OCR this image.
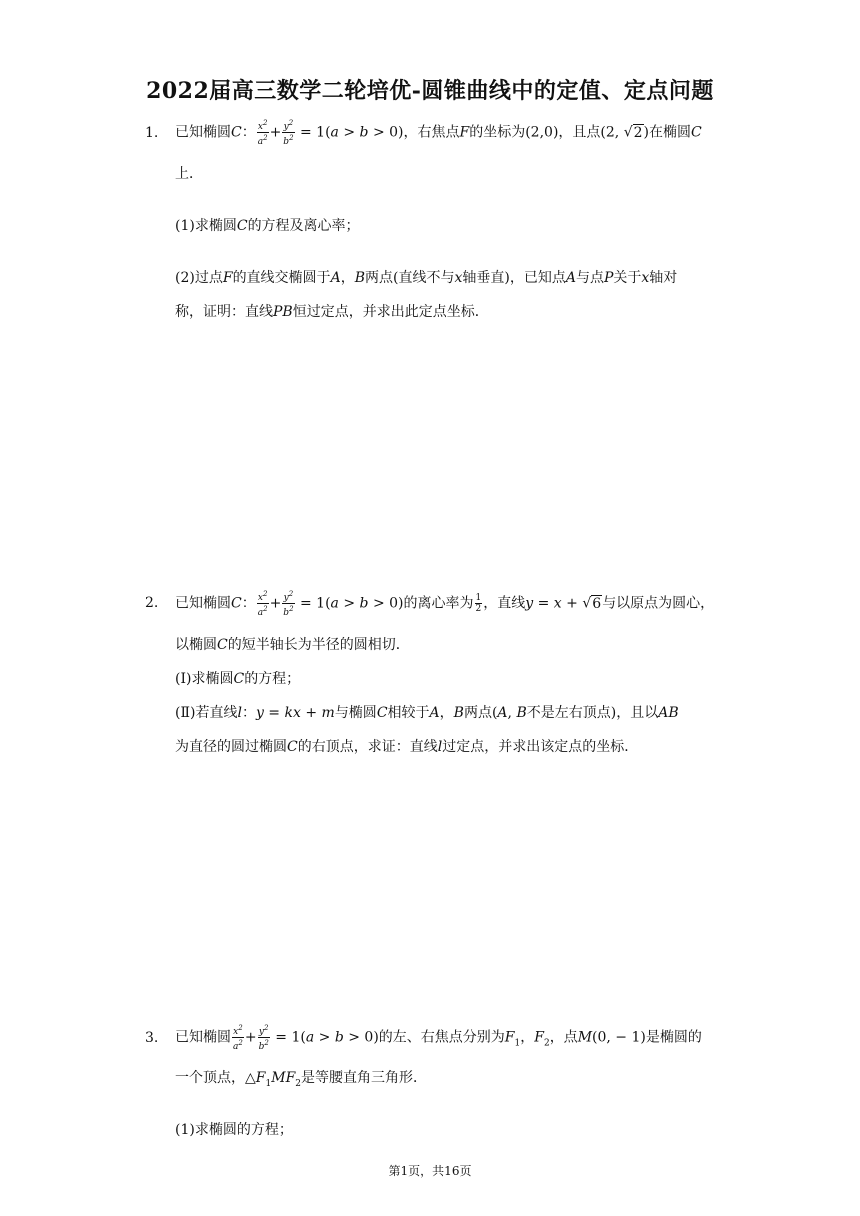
2022届高三数学二轮培优-圆锥曲线中的定值、定点问题
1. 已知椭圆C： $\frac{x^2}{a^2} + \frac{y^2}{b^2} = 1(a > b > 0)$，右焦点F的坐标为(2,0)，且点(2, √2)在椭圆C
上．
(1)求椭圆C的方程及离心率；
(2)过点F的直线交椭圆于A，B两点(直线不与x轴垂直)，已知点A与点P关于x轴对
称，证明：直线PB恒过定点，并求出此定点坐标．
2. 已知椭圆C： $\frac{x^2}{a^2} + \frac{y^2}{b^2} = 1(a > b > 0)$的离心率为 $\frac{1}{2}$ ，直线y = x + √6与以原点为圆心，
以椭圆C的短半轴长为半径的圆相切．
(Ⅰ)求椭圆C的方程；
(Ⅱ)若直线l：y = kx + m与椭圆C相较于A，B两点(A, B不是左右顶点)，且以AB
为直径的圆过椭圆C的右顶点，求证：直线l过定点，并求出该定点的坐标．
3. 已知椭圆 $\frac{x^2}{a^2} + \frac{y^2}{b^2} = 1(a > b > 0)$的左、右焦点分别为$F_1$，$F_2$，点M(0, − 1)是椭圆的
一个顶点，$\triangle F_1MF_2$是等腰直角三角形．
(1)求椭圆的方程；
第1页，共16页
